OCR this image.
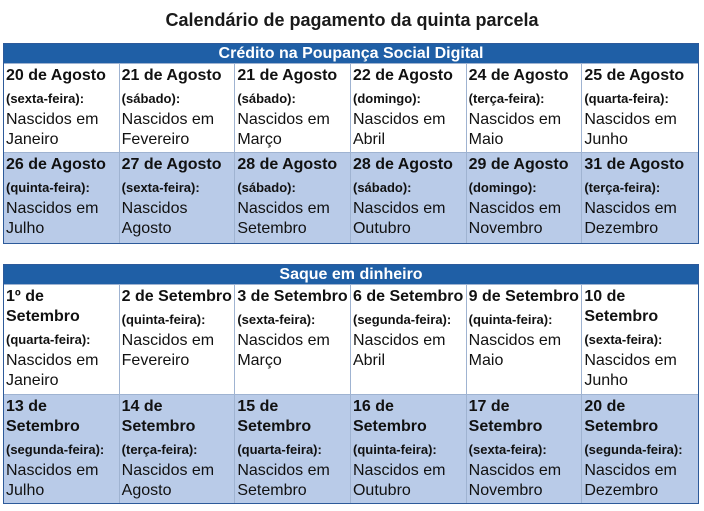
Calendário de pagamento da quinta parcela
Crédito na Poupança Social Digital
20 de Agosto
(sexta-feira):
Nascidos em Janeiro
21 de Agosto
(sábado):
Nascidos em Fevereiro
21 de Agosto
(sábado):
Nascidos em Março
22 de Agosto
(domingo):
Nascidos em Abril
24 de Agosto
(terça-feira):
Nascidos em Maio
25 de Agosto
(quarta-feira):
Nascidos em Junho
26 de Agosto
(quinta-feira):
Nascidos em Julho
27 de Agosto
(sexta-feira):
Nascidos Agosto
28 de Agosto
(sábado):
Nascidos em Setembro
28 de Agosto
(sábado):
Nascidos em Outubro
29 de Agosto
(domingo):
Nascidos em Novembro
31 de Agosto
(terça-feira):
Nascidos em Dezembro
Saque em dinheiro
1º de Setembro
(quarta-feira):
Nascidos em Janeiro
2 de Setembro
(quinta-feira):
Nascidos em Fevereiro
3 de Setembro
(sexta-feira):
Nascidos em Março
6 de Setembro
(segunda-feira):
Nascidos em Abril
9 de Setembro
(quinta-feira):
Nascidos em Maio
10 de Setembro
(sexta-feira):
Nascidos em Junho
13 de Setembro
(segunda-feira):
Nascidos em Julho
14 de Setembro
(terça-feira):
Nascidos em Agosto
15 de Setembro
(quarta-feira):
Nascidos em Setembro
16 de Setembro
(quinta-feira):
Nascidos em Outubro
17 de Setembro
(sexta-feira):
Nascidos em Novembro
20 de Setembro
(segunda-feira):
Nascidos em Dezembro
